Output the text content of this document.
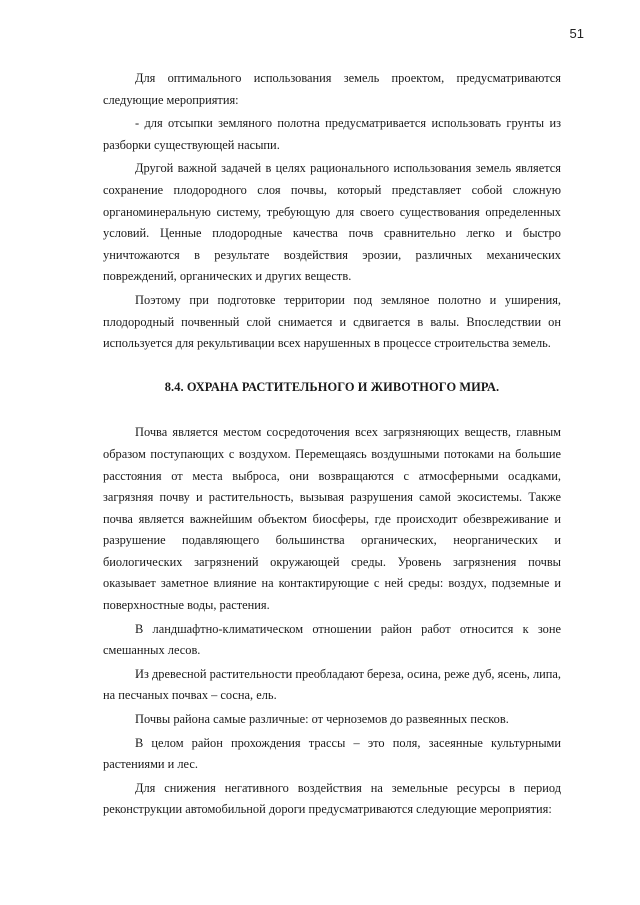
51

Для оптимального использования земель проектом, предусматриваются следующие мероприятия:

- для отсыпки земляного полотна предусматривается использовать грунты из разборки существующей насыпи.

Другой важной задачей в целях рационального использования земель является сохранение плодородного слоя почвы, который представляет собой сложную органоминеральную систему, требующую для своего существования определенных условий. Ценные плодородные качества почв сравнительно легко и быстро уничтожаются в результате воздействия эрозии, различных механических повреждений, органических и других веществ.

Поэтому при подготовке территории под земляное полотно и уширения, плодородный почвенный слой снимается и сдвигается в валы. Впоследствии он используется для рекультивации всех нарушенных в процессе строительства земель.

8.4. ОХРАНА РАСТИТЕЛЬНОГО И ЖИВОТНОГО МИРА.

Почва является местом сосредоточения всех загрязняющих веществ, главным образом поступающих с воздухом. Перемещаясь воздушными потоками на большие расстояния от места выброса, они возвращаются с атмосферными осадками, загрязняя почву и растительность, вызывая разрушения самой экосистемы. Также почва является важнейшим объектом биосферы, где происходит обезвреживание и разрушение подавляющего большинства органических, неорганических и биологических загрязнений окружающей среды. Уровень загрязнения почвы оказывает заметное влияние на контактирующие с ней среды: воздух, подземные и поверхностные воды, растения.

В ландшафтно-климатическом отношении район работ относится к зоне смешанных лесов.

Из древесной растительности преобладают береза, осина, реже дуб, ясень, липа, на песчаных почвах – сосна, ель.

Почвы района самые различные: от черноземов до развеянных песков.

В целом район прохождения трассы – это поля, засеянные культурными растениями и лес.

Для снижения негативного воздействия на земельные ресурсы в период реконструкции автомобильной дороги предусматриваются следующие мероприятия:
